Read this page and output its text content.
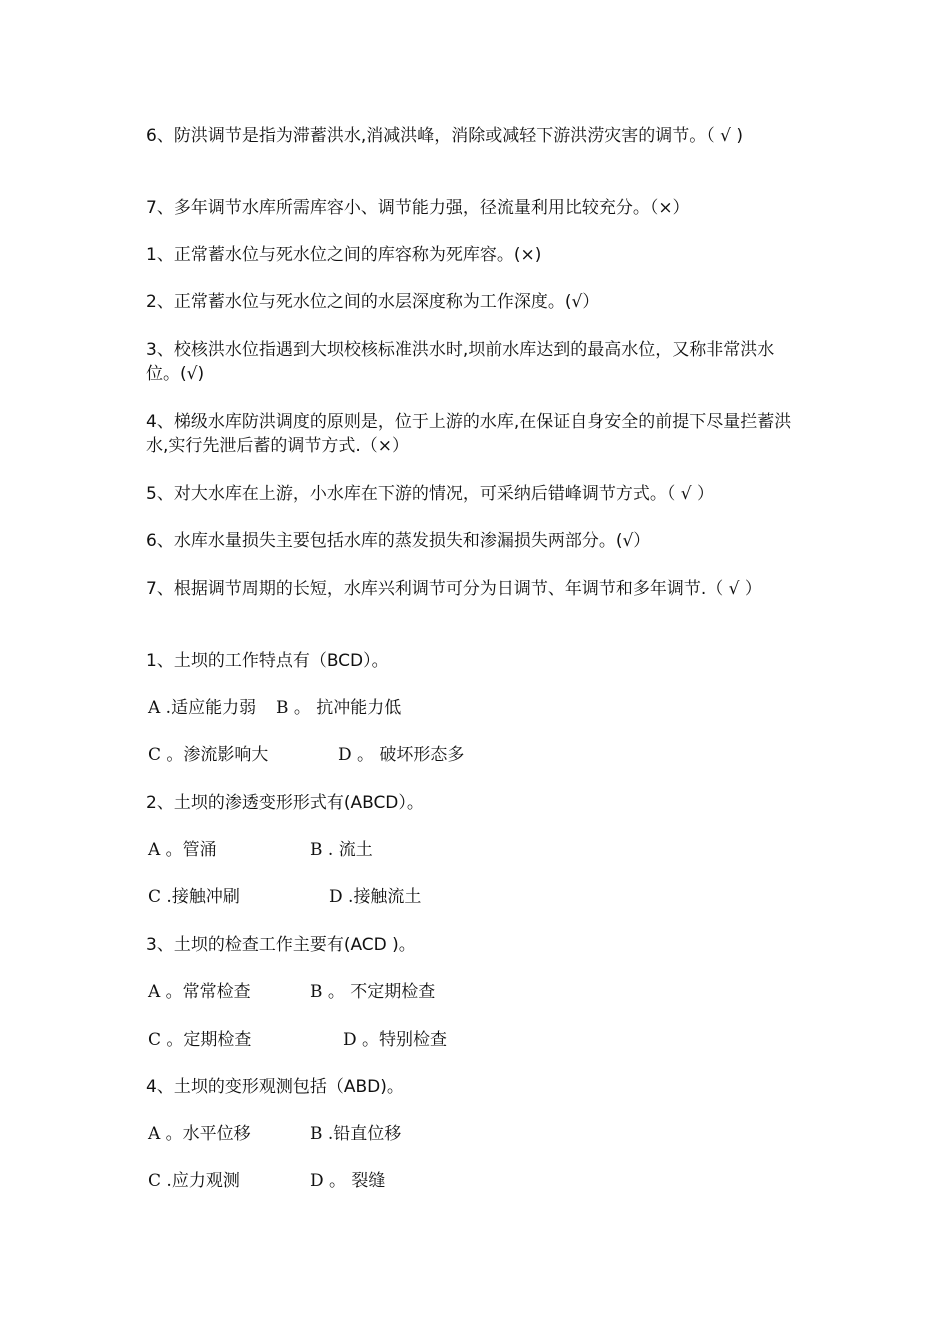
6、防洪调节是指为滞蓄洪水,消减洪峰，消除或减轻下游洪涝灾害的调节。（ √ )
7、多年调节水库所需库容小、调节能力强，径流量利用比较充分。（×）
1、正常蓄水位与死水位之间的库容称为死库容。(×)
2、正常蓄水位与死水位之间的水层深度称为工作深度。(√）
3、校核洪水位指遇到大坝校核标准洪水时,坝前水库达到的最高水位，又称非常洪水位。(√)
4、梯级水库防洪调度的原则是，位于上游的水库,在保证自身安全的前提下尽量拦蓄洪水,实行先泄后蓄的调节方式.（×）
5、对大水库在上游，小水库在下游的情况，可采纳后错峰调节方式。（ √ ）
6、水库水量损失主要包括水库的蒸发损失和渗漏损失两部分。(√）
7、根据调节周期的长短，水库兴利调节可分为日调节、年调节和多年调节.（ √ ）
1、土坝的工作特点有（BCD）。
A .适应能力弱 B 。 抗冲能力低
C 。渗流影响大	D 。 破坏形态多
2、土坝的渗透变形形式有(ABCD）。
A 。管涌	B . 流土
C .接触冲刷	D .接触流土
3、土坝的检查工作主要有(ACD )。
A 。常常检查	B 。 不定期检查
C 。定期检查	D 。特别检查
4、土坝的变形观测包括（ABD)。
A 。水平位移	B .铅直位移
C .应力观测	D 。 裂缝
